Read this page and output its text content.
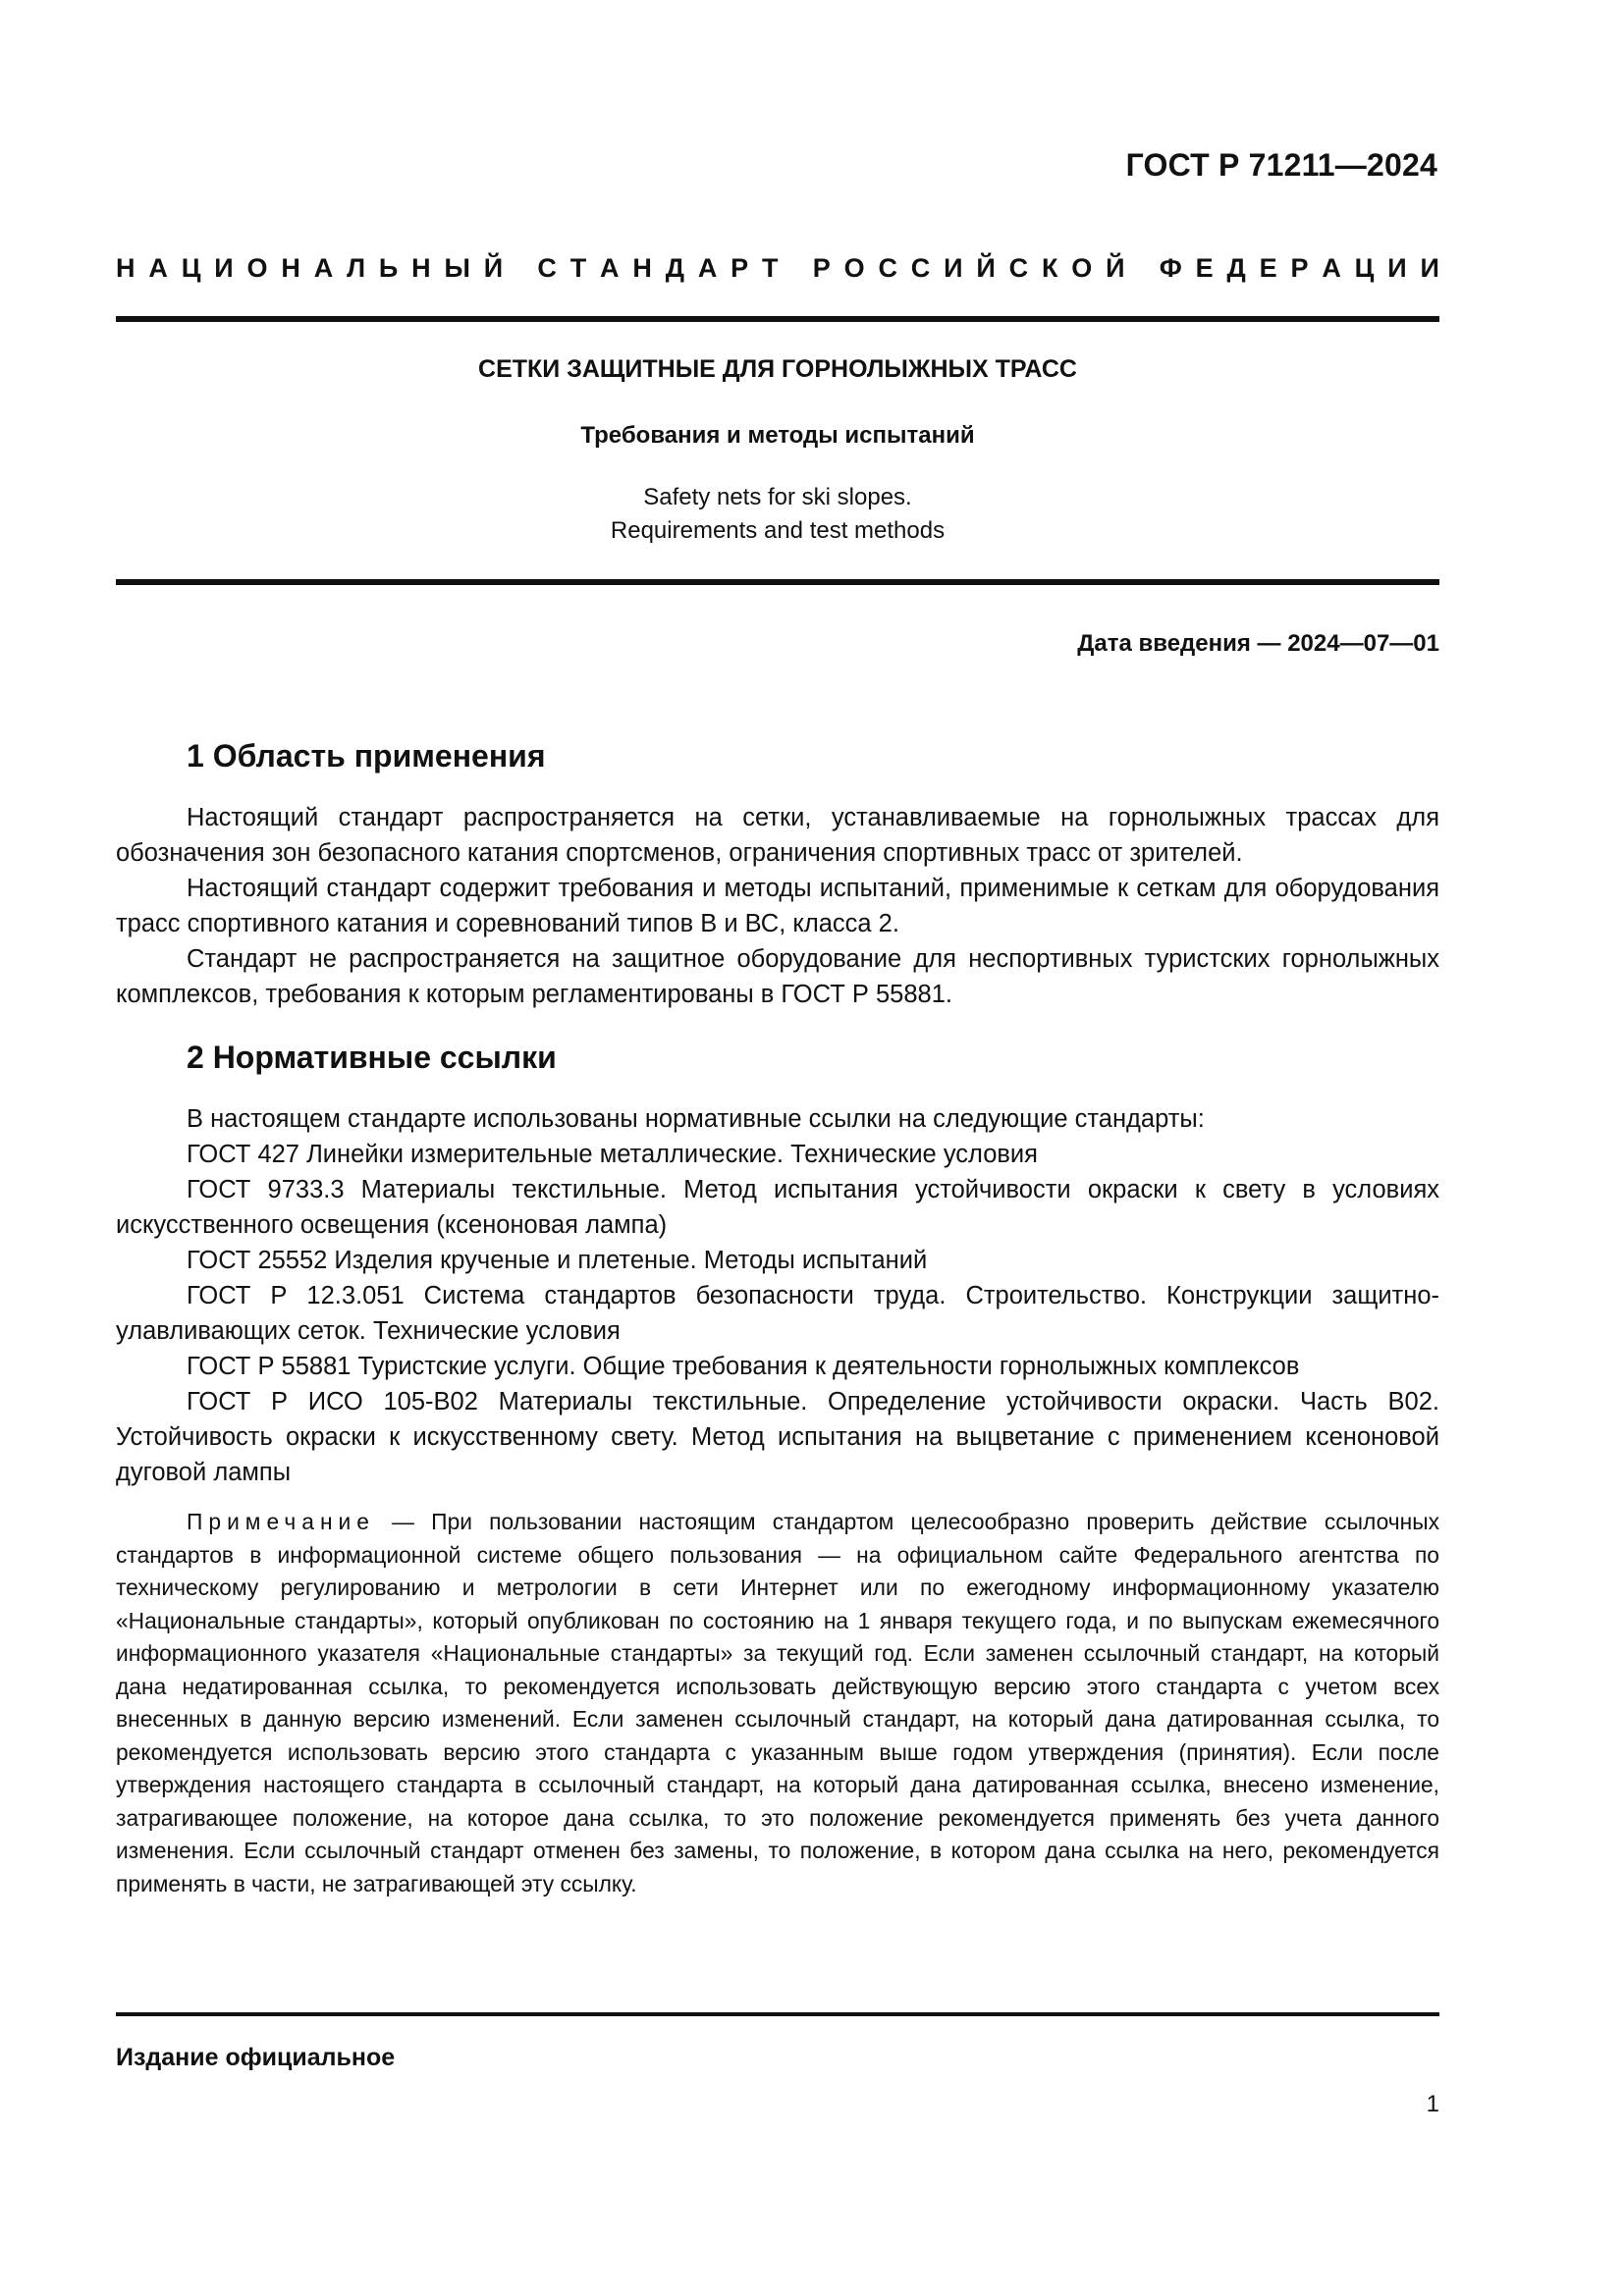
ГОСТ Р 71211—2024
Н А Ц И О Н А Л Ь Н Ы Й
С Т А Н Д А Р Т
Р О С С И Й С К О Й
Ф Е Д Е Р А Ц И И
СЕТКИ ЗАЩИТНЫЕ ДЛЯ ГОРНОЛЫЖНЫХ ТРАСС
Требования и методы испытаний
Safety nets for ski slopes.
Requirements and test methods
Дата введения — 2024—07—01
1 Область применения

Настоящий стандарт распространяется на сетки, устанавливаемые на горнолыжных трассах для обозначения зон безопасного катания спортсменов, ограничения спортивных трасс от зрителей.

Настоящий стандарт содержит требования и методы испытаний, применимые к сеткам для оборудования трасс спортивного катания и соревнований типов В и ВС, класса 2.

Стандарт не распространяется на защитное оборудование для неспортивных туристских горнолыжных комплексов, требования к которым регламентированы в ГОСТ Р 55881.

2 Нормативные ссылки

В настоящем стандарте использованы нормативные ссылки на следующие стандарты:

ГОСТ 427 Линейки измерительные металлические. Технические условия

ГОСТ 9733.3 Материалы текстильные. Метод испытания устойчивости окраски к свету в условиях искусственного освещения (ксеноновая лампа)

ГОСТ 25552 Изделия крученые и плетеные. Методы испытаний

ГОСТ Р 12.3.051 Система стандартов безопасности труда. Строительство. Конструкции защитно-улавливающих сеток. Технические условия

ГОСТ Р 55881 Туристские услуги. Общие требования к деятельности горнолыжных комплексов

ГОСТ Р ИСО 105-В02 Материалы текстильные. Определение устойчивости окраски. Часть В02. Устойчивость окраски к искусственному свету. Метод испытания на выцветание с применением ксеноновой дуговой лампы

Примечание — При пользовании настоящим стандартом целесообразно проверить действие ссылочных стандартов в информационной системе общего пользования — на официальном сайте Федерального агентства по техническому регулированию и метрологии в сети Интернет или по ежегодному информационному указателю «Национальные стандарты», который опубликован по состоянию на 1 января текущего года, и по выпускам ежемесячного информационного указателя «Национальные стандарты» за текущий год. Если заменен ссылочный стандарт, на который дана недатированная ссылка, то рекомендуется использовать действующую версию этого стандарта с учетом всех внесенных в данную версию изменений. Если заменен ссылочный стандарт, на который дана датированная ссылка, то рекомендуется использовать версию этого стандарта с указанным выше годом утверждения (принятия). Если после утверждения настоящего стандарта в ссылочный стандарт, на который дана датированная ссылка, внесено изменение, затрагивающее положение, на которое дана ссылка, то это положение рекомендуется применять без учета данного изменения. Если ссылочный стандарт отменен без замены, то положение, в котором дана ссылка на него, рекомендуется применять в части, не затрагивающей эту ссылку.

Издание официальное
1
